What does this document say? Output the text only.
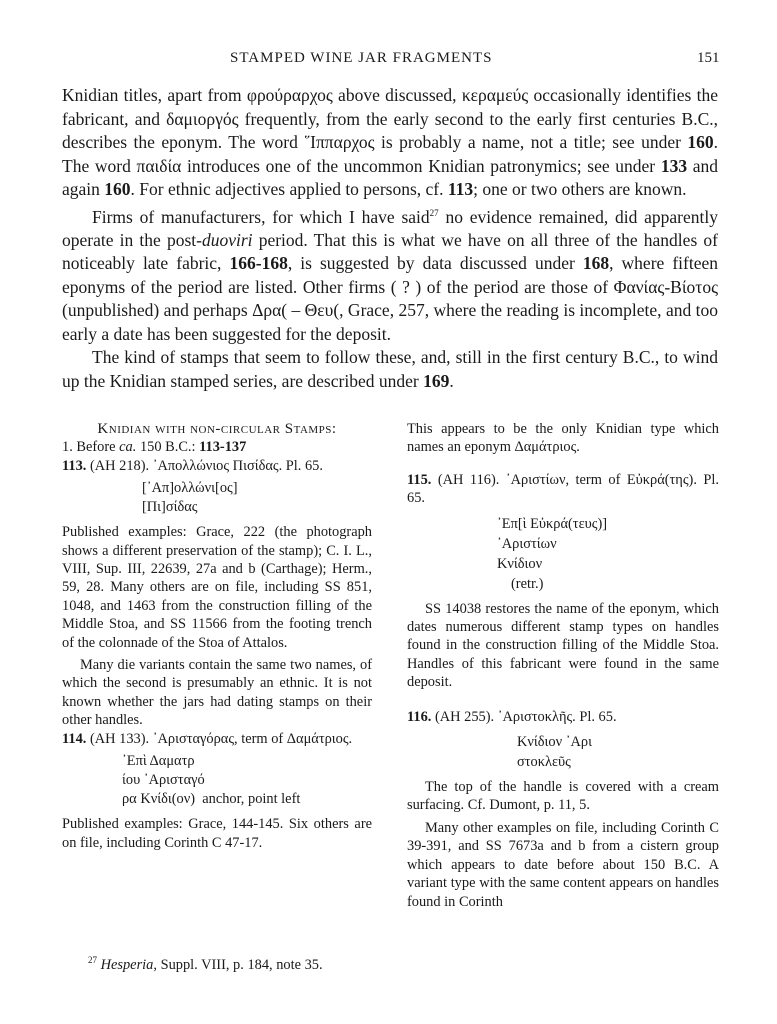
STAMPED WINE JAR FRAGMENTS	151

Knidian titles, apart from φρούραρχος above discussed, κεραμεύς occasionally identifies the fabricant, and δαμιοργός frequently, from the early second to the early first centuries B.C., describes the eponym. The word ῞Ιππαρχος is probably a name, not a title; see under 160. The word παιδία introduces one of the uncommon Knidian patronymics; see under 133 and again 160. For ethnic adjectives applied to persons, cf. 113; one or two others are known.

Firms of manufacturers, for which I have said$^{27}$ no evidence remained, did apparently operate in the post-duoviri period. That this is what we have on all three of the handles of noticeably late fabric, 166-168, is suggested by data discussed under 168, where fifteen eponyms of the period are listed. Other firms ( ? ) of the period are those of Φανίας-Βίοτος (unpublished) and perhaps Δρα( – Θευ(, Grace, 257, where the reading is incomplete, and too early a date has been suggested for the deposit.

The kind of stamps that seem to follow these, and, still in the first century B.C., to wind up the Knidian stamped series, are described under 169.

Knidian with non-circular Stamps:

1. Before ca. 150 B.C.: 113-137

113. (AH 218). ᾿Απολλώνιος Πισίδας. Pl. 65.

[᾿Απ]ολλώνι[ος]
[Πι]σίδας

Published examples: Grace, 222 (the photograph shows a different preservation of the stamp); C. I. L., VIII, Sup. III, 22639, 27a and b (Carthage); Herm., 59, 28. Many others are on file, including SS 851, 1048, and 1463 from the construction filling of the Middle Stoa, and SS 11566 from the footing trench of the colonnade of the Stoa of Attalos.

Many die variants contain the same two names, of which the second is presumably an ethnic. It is not known whether the jars had dating stamps on their other handles.

114. (AH 133). ᾿Αρισταγόρας, term of Δαμάτριος.

᾿Επὶ Δαματρ
ίου ᾿Αρισταγό
ρα Κνίδι(ον) anchor, point left

Published examples: Grace, 144-145. Six others are on file, including Corinth C 47-17.

This appears to be the only Knidian type which names an eponym Δαμάτριος.

115. (AH 116). ᾿Αριστίων, term of Εὐκρά(της). Pl. 65.

᾿Επ[ὶ Εὐκρά(τευς)]
᾿Αριστίων
Κνίδιον
(retr.)

SS 14038 restores the name of the eponym, which dates numerous different stamp types on handles found in the construction filling of the Middle Stoa. Handles of this fabricant were found in the same deposit.

116. (AH 255). ᾿Αριστοκλῆς. Pl. 65.

Κνίδιον ᾿Αρι
στοκλεῦς

The top of the handle is covered with a cream surfacing. Cf. Dumont, p. 11, 5.

Many other examples on file, including Corinth C 39-391, and SS 7673a and b from a cistern group which appears to date before about 150 B.C. A variant type with the same content appears on handles found in Corinth

$^{27}$ Hesperia, Suppl. VIII, p. 184, note 35.
